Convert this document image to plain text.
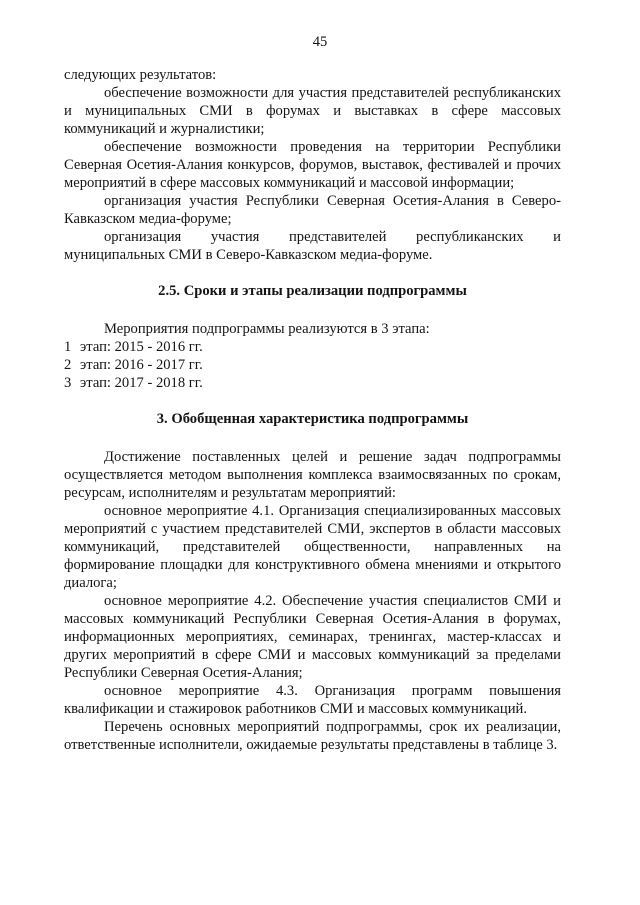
45

следующих результатов:

обеспечение возможности для участия представителей республиканских и муниципальных СМИ в форумах и выставках в сфере массовых коммуникаций и журналистики;

обеспечение возможности проведения на территории Республики Северная Осетия-Алания конкурсов, форумов, выставок, фестивалей и прочих мероприятий в сфере массовых коммуникаций и массовой информации;

организация участия Республики Северная Осетия-Алания в Северо-Кавказском медиа-форуме;

организация участия представителей республиканских и муниципальных СМИ в Северо-Кавказском медиа-форуме.

2.5. Сроки и этапы реализации подпрограммы

Мероприятия подпрограммы реализуются в 3 этапа:

1 этап: 2015 - 2016 гг.

2 этап: 2016 - 2017 гг.

3 этап: 2017 - 2018 гг.

3. Обобщенная характеристика подпрограммы

Достижение поставленных целей и решение задач подпрограммы осуществляется методом выполнения комплекса взаимосвязанных по срокам, ресурсам, исполнителям и результатам мероприятий:

основное мероприятие 4.1. Организация специализированных массовых мероприятий с участием представителей СМИ, экспертов в области массовых коммуникаций, представителей общественности, направленных на формирование площадки для конструктивного обмена мнениями и открытого диалога;

основное мероприятие 4.2. Обеспечение участия специалистов СМИ и массовых коммуникаций Республики Северная Осетия-Алания в форумах, информационных мероприятиях, семинарах, тренингах, мастер-классах и других мероприятий в сфере СМИ и массовых коммуникаций за пределами Республики Северная Осетия-Алания;

основное мероприятие 4.3. Организация программ повышения квалификации и стажировок работников СМИ и массовых коммуникаций.

Перечень основных мероприятий подпрограммы, срок их реализации, ответственные исполнители, ожидаемые результаты представлены в таблице 3.
